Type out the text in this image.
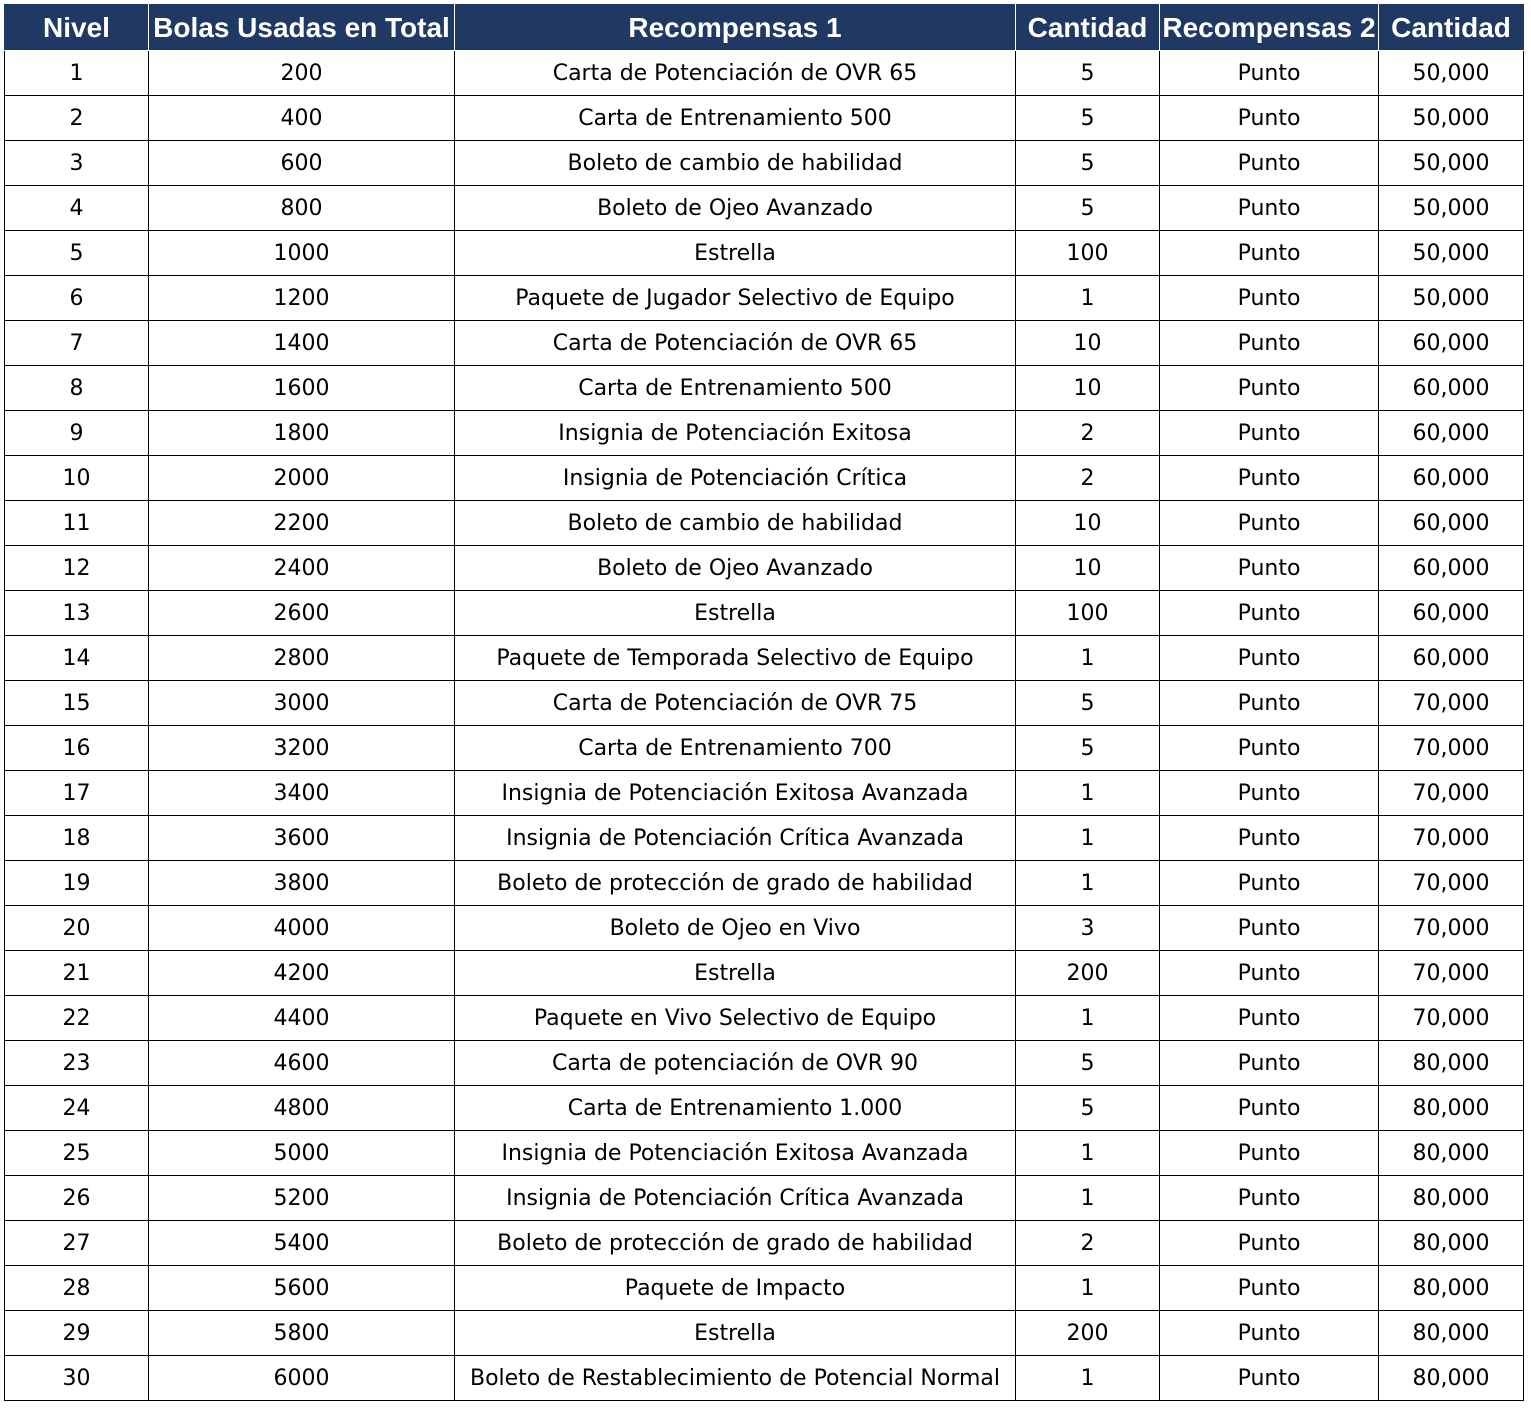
Nivel	Bolas Usadas en Total	Recompensas 1	Cantidad	Recompensas 2	Cantidad
1	200	Carta de Potenciación de OVR 65	5	Punto	50,000
2	400	Carta de Entrenamiento 500	5	Punto	50,000
3	600	Boleto de cambio de habilidad	5	Punto	50,000
4	800	Boleto de Ojeo Avanzado	5	Punto	50,000
5	1000	Estrella	100	Punto	50,000
6	1200	Paquete de Jugador Selectivo de Equipo	1	Punto	50,000
7	1400	Carta de Potenciación de OVR 65	10	Punto	60,000
8	1600	Carta de Entrenamiento 500	10	Punto	60,000
9	1800	Insignia de Potenciación Exitosa	2	Punto	60,000
10	2000	Insignia de Potenciación Crítica	2	Punto	60,000
11	2200	Boleto de cambio de habilidad	10	Punto	60,000
12	2400	Boleto de Ojeo Avanzado	10	Punto	60,000
13	2600	Estrella	100	Punto	60,000
14	2800	Paquete de Temporada Selectivo de Equipo	1	Punto	60,000
15	3000	Carta de Potenciación de OVR 75	5	Punto	70,000
16	3200	Carta de Entrenamiento 700	5	Punto	70,000
17	3400	Insignia de Potenciación Exitosa Avanzada	1	Punto	70,000
18	3600	Insignia de Potenciación Crítica Avanzada	1	Punto	70,000
19	3800	Boleto de protección de grado de habilidad	1	Punto	70,000
20	4000	Boleto de Ojeo en Vivo	3	Punto	70,000
21	4200	Estrella	200	Punto	70,000
22	4400	Paquete en Vivo Selectivo de Equipo	1	Punto	70,000
23	4600	Carta de potenciación de OVR 90	5	Punto	80,000
24	4800	Carta de Entrenamiento 1.000	5	Punto	80,000
25	5000	Insignia de Potenciación Exitosa Avanzada	1	Punto	80,000
26	5200	Insignia de Potenciación Crítica Avanzada	1	Punto	80,000
27	5400	Boleto de protección de grado de habilidad	2	Punto	80,000
28	5600	Paquete de Impacto	1	Punto	80,000
29	5800	Estrella	200	Punto	80,000
30	6000	Boleto de Restablecimiento de Potencial Normal	1	Punto	80,000
